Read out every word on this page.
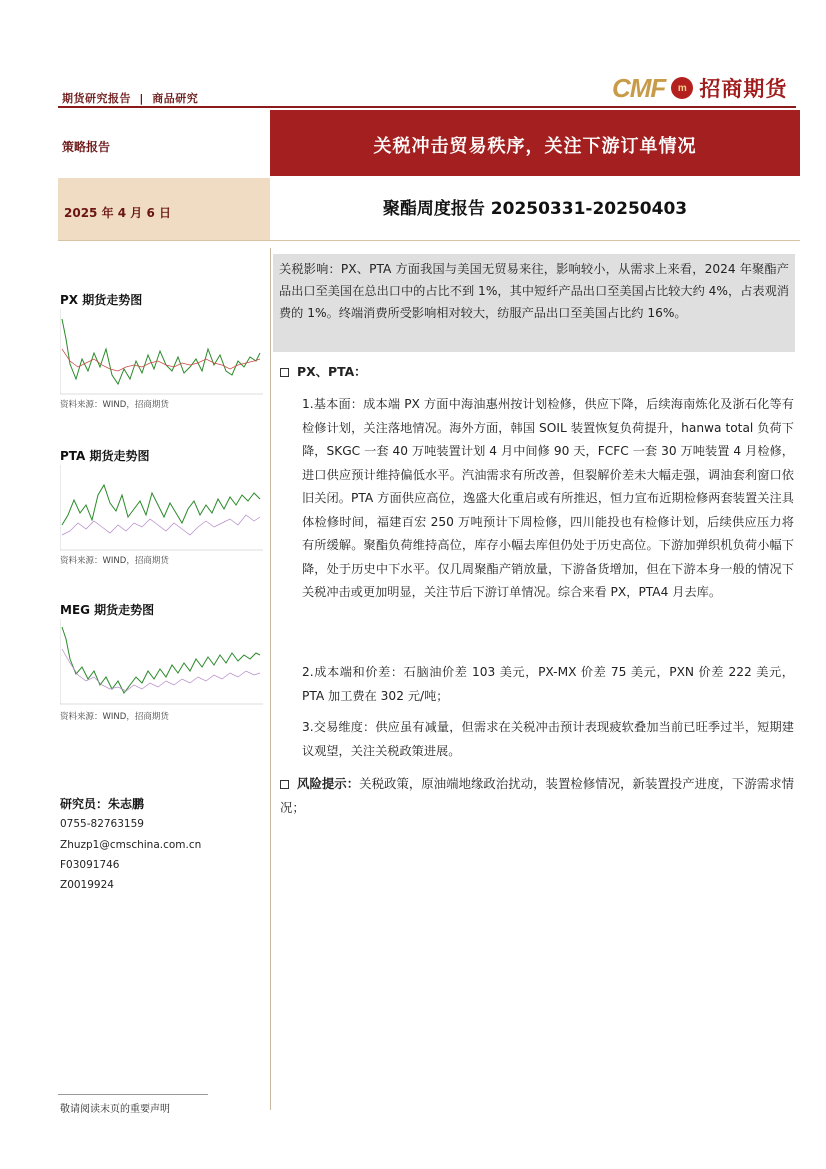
期货研究报告 | 商品研究	CMF	m 招商期货
策略报告	关税冲击贸易秩序，关注下游订单情况
2025 年 4 月 6 日	聚酯周度报告 20250331-20250403

关税影响：PX、PTA 方面我国与美国无贸易来往，影响较小，从需求上来看，2024 年聚酯产品出口至美国在总出口中的占比不到 1%，其中短纤产品出口至美国占比较大约 4%，占表观消费的 1%。终端消费所受影响相对较大，纺服产品出口至美国占比约 16%。

PX、PTA：

1.基本面：成本端 PX 方面中海油惠州按计划检修，供应下降，后续海南炼化及浙石化等有检修计划，关注落地情况。海外方面，韩国 SOIL 装置恢复负荷提升，hanwa total 负荷下降，SKGC 一套 40 万吨装置计划 4 月中间修 90 天，FCFC 一套 30 万吨装置 4 月检修，进口供应预计维持偏低水平。汽油需求有所改善，但裂解价差未大幅走强，调油套利窗口依旧关闭。PTA 方面供应高位，逸盛大化重启或有所推迟，恒力宣布近期检修两套装置关注具体检修时间，福建百宏 250 万吨预计下周检修，四川能投也有检修计划，后续供应压力将有所缓解。聚酯负荷维持高位，库存小幅去库但仍处于历史高位。下游加弹织机负荷小幅下降，处于历史中下水平。仅几周聚酯产销放量，下游备货增加，但在下游本身一般的情况下关税冲击或更加明显，关注节后下游订单情况。综合来看 PX，PTA4 月去库。

2.成本端和价差：石脑油价差 103 美元，PX-MX 价差 75 美元，PXN 价差 222 美元，PTA 加工费在 302 元/吨；

3.交易维度：供应虽有减量，但需求在关税冲击预计表现疲软叠加当前已旺季过半，短期建议观望，关注关税政策进展。

风险提示：关税政策，原油端地缘政治扰动，装置检修情况，新装置投产进度，下游需求情况；
PX 期货走势图
资料来源：WIND，招商期货
PTA 期货走势图
资料来源：WIND，招商期货
MEG 期货走势图
资料来源：WIND，招商期货
研究员：朱志鹏
0755-82763159
Zhuzp1@cmschina.com.cn
F03091746
Z0019924
敬请阅读末页的重要声明
